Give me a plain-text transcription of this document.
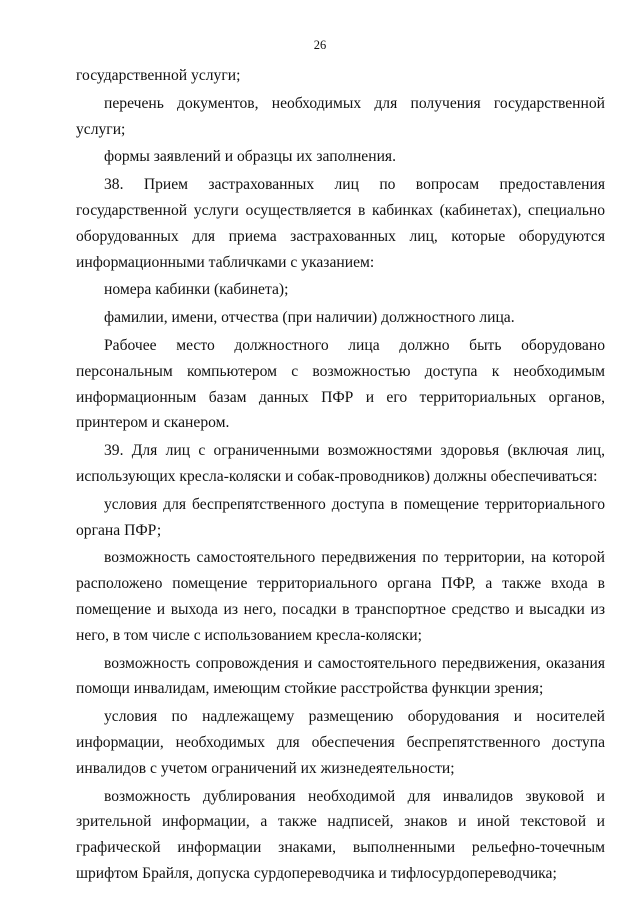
26

государственной услуги;

перечень документов, необходимых для получения государственной услуги;

формы заявлений и образцы их заполнения.

38. Прием застрахованных лиц по вопросам предоставления государственной услуги осуществляется в кабинках (кабинетах), специально оборудованных для приема застрахованных лиц, которые оборудуются информационными табличками с указанием:

номера кабинки (кабинета);

фамилии, имени, отчества (при наличии) должностного лица.

Рабочее место должностного лица должно быть оборудовано персональным компьютером с возможностью доступа к необходимым информационным базам данных ПФР и его территориальных органов, принтером и сканером.

39. Для лиц с ограниченными возможностями здоровья (включая лиц, использующих кресла-коляски и собак-проводников) должны обеспечиваться:

условия для беспрепятственного доступа в помещение территориального органа ПФР;

возможность самостоятельного передвижения по территории, на которой расположено помещение территориального органа ПФР, а также входа в помещение и выхода из него, посадки в транспортное средство и высадки из него, в том числе с использованием кресла-коляски;

возможность сопровождения и самостоятельного передвижения, оказания помощи инвалидам, имеющим стойкие расстройства функции зрения;

условия по надлежащему размещению оборудования и носителей информации, необходимых для обеспечения беспрепятственного доступа инвалидов с учетом ограничений их жизнедеятельности;

возможность дублирования необходимой для инвалидов звуковой и зрительной информации, а также надписей, знаков и иной текстовой и графической информации знаками, выполненными рельефно-точечным шрифтом Брайля, допуска сурдопереводчика и тифлосурдопереводчика;
